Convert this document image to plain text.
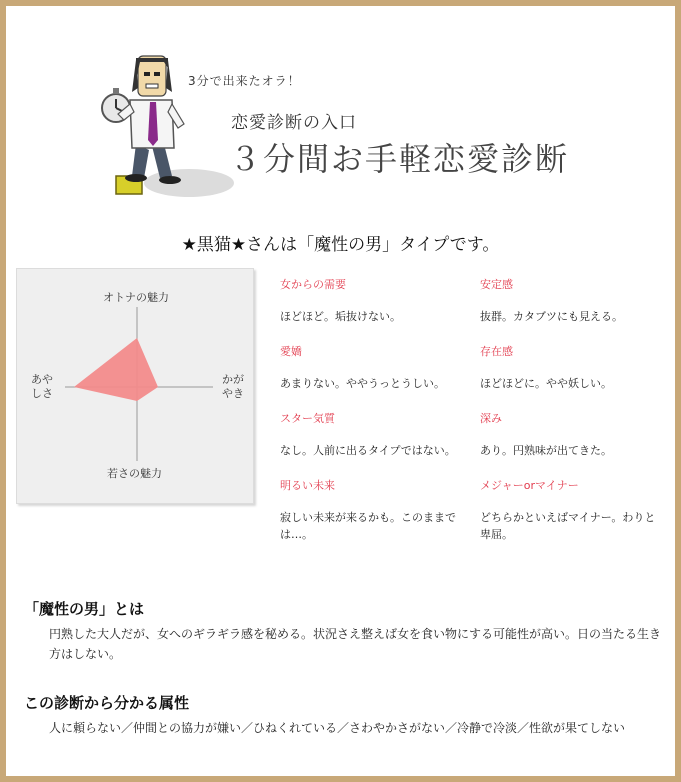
3分で出来たオラ！
恋愛診断の入口
３分間お手軽恋愛診断
★黒猫★さんは「魔性の男」タイプです。
オトナの魅力
かが
やき
若さの魅力
あや
しさ
女からの需要
ほどほど。垢抜けない。
安定感
抜群。カタブツにも見える。
愛嬌
あまりない。ややうっとうしい。
存在感
ほどほどに。やや妖しい。
スター気質
なし。人前に出るタイプではない。
深み
あり。円熟味が出てきた。
明るい未来
寂しい未来が来るかも。このままでは…。
メジャーorマイナー
どちらかといえばマイナー。わりと卑屈。
「魔性の男」とは
円熟した大人だが、女へのギラギラ感を秘める。状況さえ整えば女を食い物にする可能性が高い。日の当たる生き方はしない。
この診断から分かる属性
人に頼らない／仲間との協力が嫌い／ひねくれている／さわやかさがない／冷静で冷淡／性欲が果てしない
